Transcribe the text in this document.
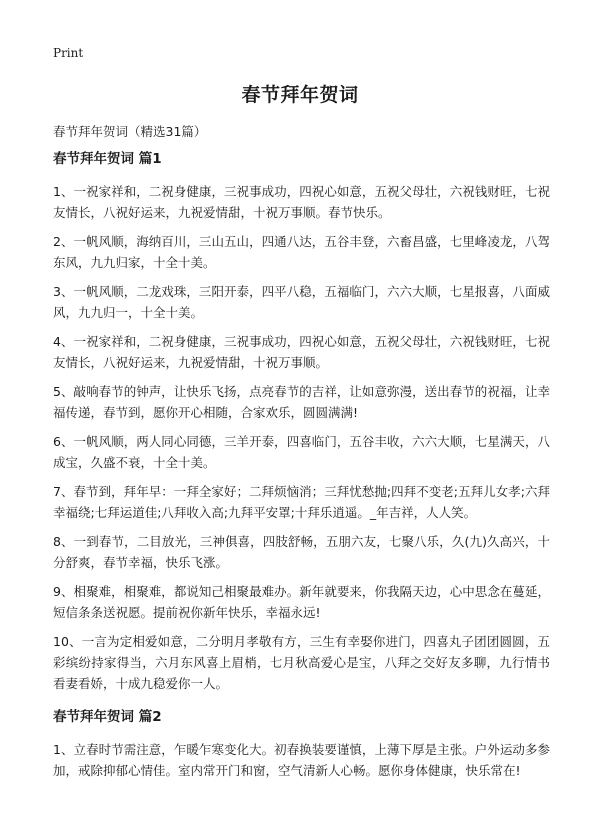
Print
春节拜年贺词

春节拜年贺词（精选31篇）

春节拜年贺词 篇1

1、一祝家祥和，二祝身健康，三祝事成功，四祝心如意，五祝父母壮，六祝钱财旺，七祝友情长，八祝好运来，九祝爱情甜，十祝万事顺。春节快乐。

2、一帆风顺，海纳百川，三山五山，四通八达，五谷丰登，六畜昌盛，七里峰凌龙，八驾东风，九九归家，十全十美。

3、一帆风顺，二龙戏珠，三阳开泰，四平八稳，五福临门，六六大顺，七星报喜，八面威风，九九归一，十全十美。

4、一祝家祥和，二祝身健康，三祝事成功，四祝心如意，五祝父母壮，六祝钱财旺，七祝友情长，八祝好运来，九祝爱情甜，十祝万事顺。

5、敲响春节的钟声，让快乐飞扬，点亮春节的吉祥，让如意弥漫，送出春节的祝福，让幸福传递，春节到，愿你开心相随，合家欢乐，圆圆满满!

6、一帆风顺，两人同心同德，三羊开泰，四喜临门，五谷丰收，六六大顺，七星满天，八成宝，久盛不衰，十全十美。

7、春节到，拜年早：一拜全家好；二拜烦恼消；三拜忧愁抛;四拜不变老;五拜儿女孝;六拜幸福绕;七拜运道佳;八拜收入高;九拜平安罩;十拜乐逍遥。_年吉祥，人人笑。

8、一到春节，二目放光，三神俱喜，四肢舒畅，五朋六友，七聚八乐，久(九)久高兴，十分舒爽，春节幸福，快乐飞涨。

9、相聚难，相聚难，都说知己相聚最难办。新年就要来，你我隔天边，心中思念在蔓延，短信条条送祝愿。提前祝你新年快乐，幸福永远!

10、一言为定相爱如意，二分明月孝敬有方，三生有幸娶你进门，四喜丸子团团圆圆，五彩缤纷持家得当，六月东风喜上眉梢，七月秋高爱心是宝，八拜之交好友多聊，九行情书看妻看娇，十成九稳爱你一人。

春节拜年贺词 篇2

1、立春时节需注意，乍暖乍寒变化大。初春换装要谨慎，上薄下厚是主张。户外运动多参加，戒除抑郁心情佳。室内常开门和窗，空气清新人心畅。愿你身体健康，快乐常在!
